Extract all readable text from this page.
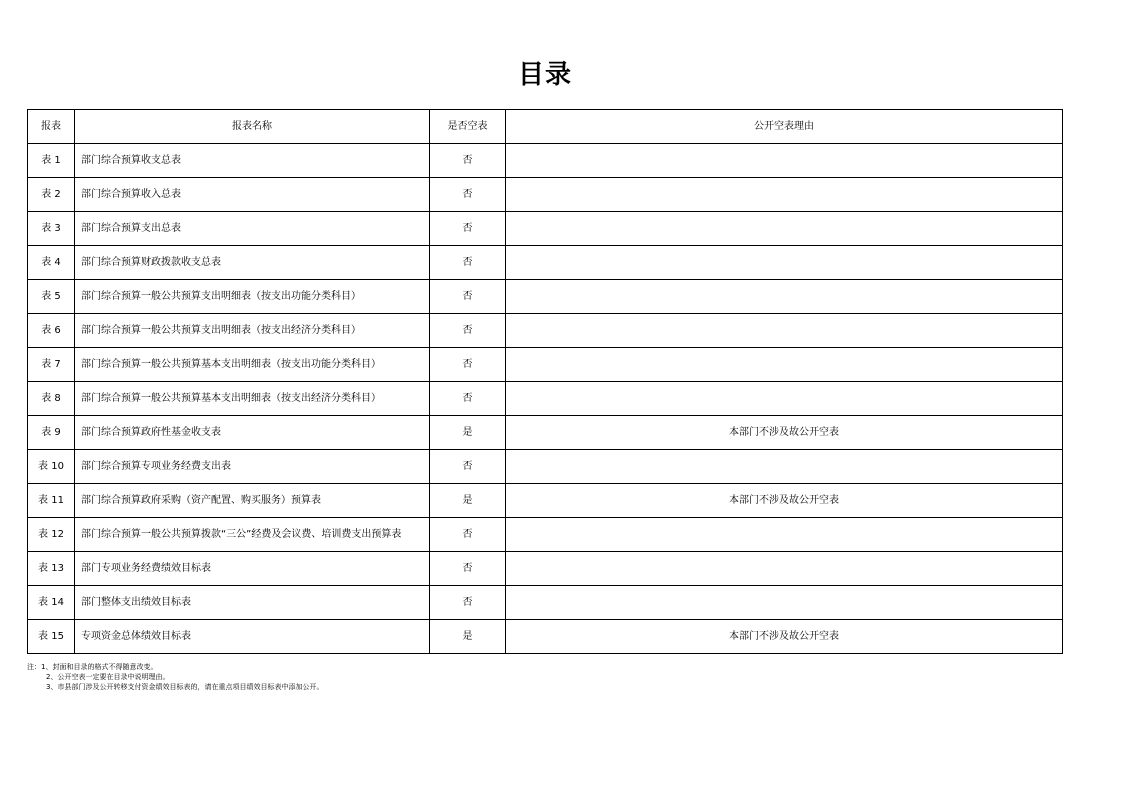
目录
报表	报表名称	是否空表	公开空表理由
表 1	部门综合预算收支总表	否	
表 2	部门综合预算收入总表	否	
表 3	部门综合预算支出总表	否	
表 4	部门综合预算财政拨款收支总表	否	
表 5	部门综合预算一般公共预算支出明细表（按支出功能分类科目）	否	
表 6	部门综合预算一般公共预算支出明细表（按支出经济分类科目）	否	
表 7	部门综合预算一般公共预算基本支出明细表（按支出功能分类科目）	否	
表 8	部门综合预算一般公共预算基本支出明细表（按支出经济分类科目）	否	
表 9	部门综合预算政府性基金收支表	是	本部门不涉及故公开空表
表 10	部门综合预算专项业务经费支出表	否	
表 11	部门综合预算政府采购（资产配置、购买服务）预算表	是	本部门不涉及故公开空表
表 12	部门综合预算一般公共预算拨款“三公”经费及会议费、培训费支出预算表	否	
表 13	部门专项业务经费绩效目标表	否	
表 14	部门整体支出绩效目标表	否	
表 15	专项资金总体绩效目标表	是	本部门不涉及故公开空表
注：1、封面和目录的格式不得随意改变。
2、公开空表一定要在目录中说明理由。
3、市县部门涉及公开转移支付资金绩效目标表的，请在重点项目绩效目标表中添加公开。
